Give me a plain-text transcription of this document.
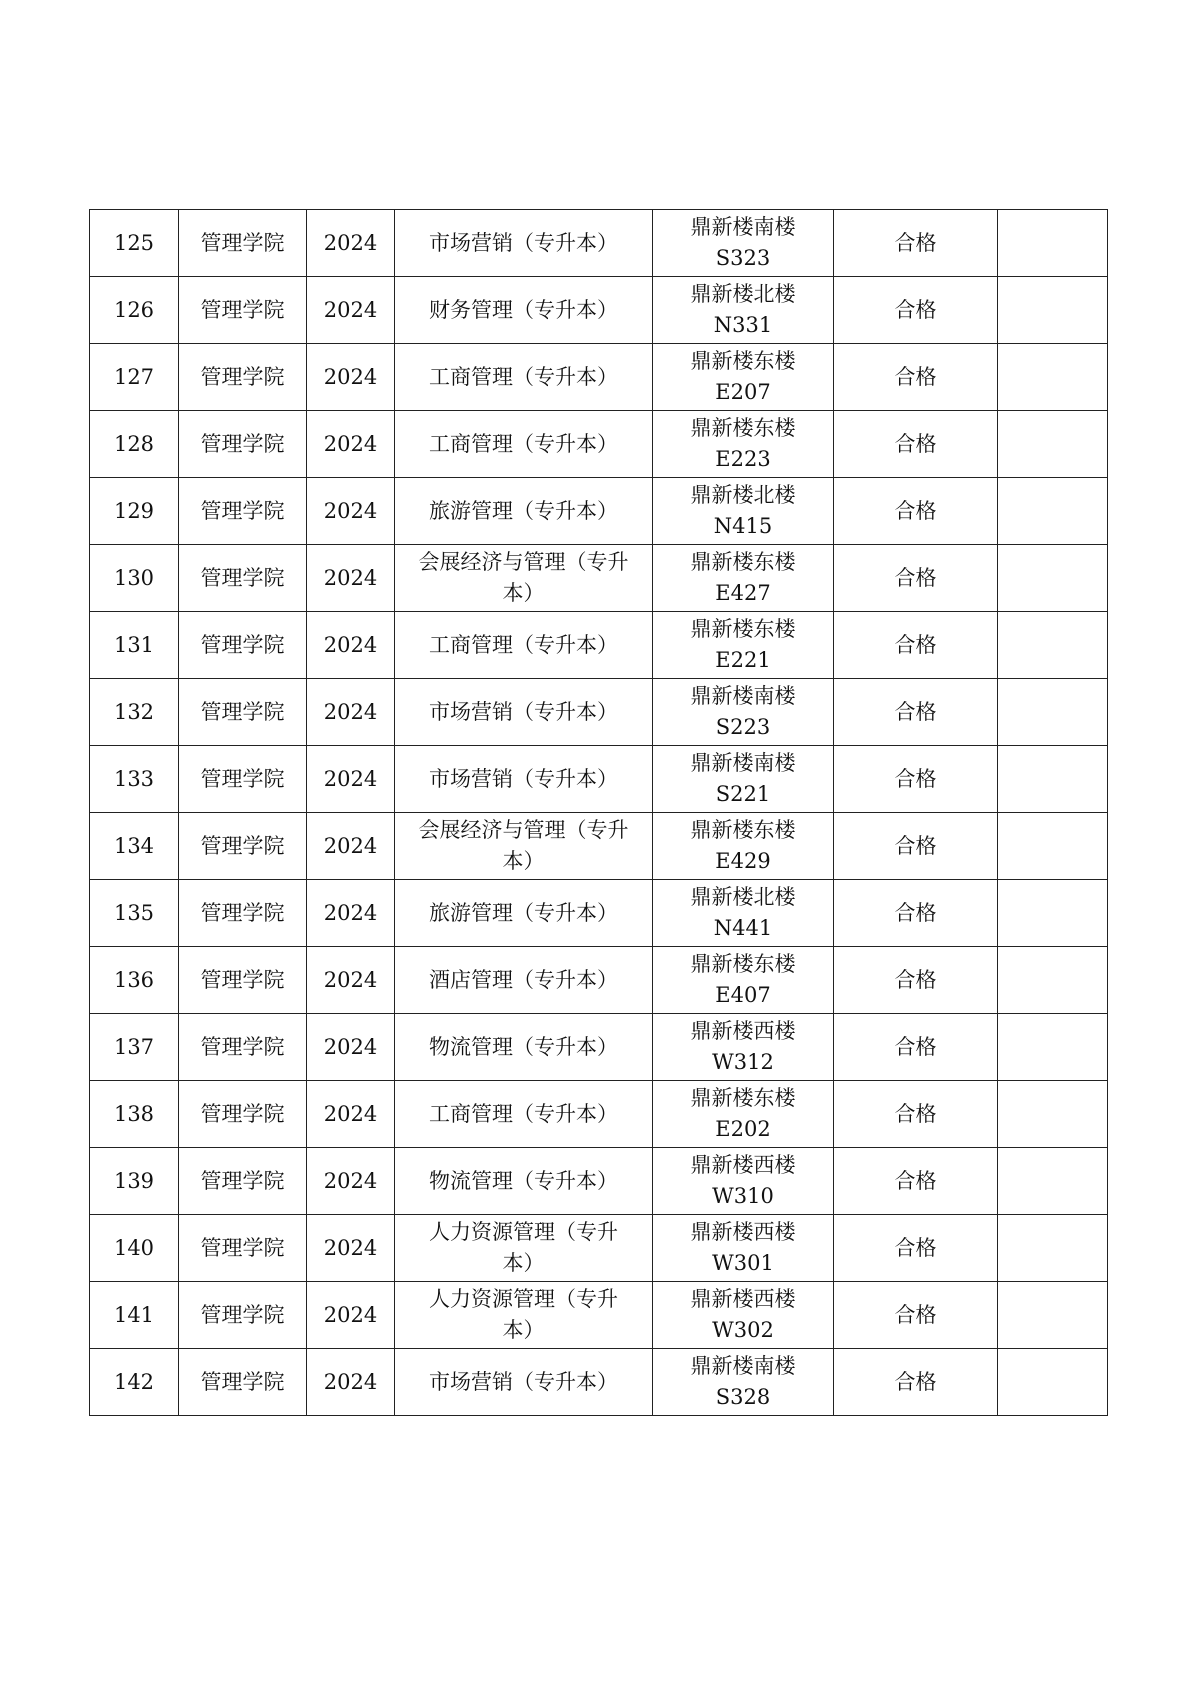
125	管理学院	2024	市场营销（专升本）	鼎新楼南楼
S323	合格	
126	管理学院	2024	财务管理（专升本）	鼎新楼北楼
N331	合格	
127	管理学院	2024	工商管理（专升本）	鼎新楼东楼
E207	合格	
128	管理学院	2024	工商管理（专升本）	鼎新楼东楼
E223	合格	
129	管理学院	2024	旅游管理（专升本）	鼎新楼北楼
N415	合格	
130	管理学院	2024	会展经济与管理（专升
本）	鼎新楼东楼
E427	合格	
131	管理学院	2024	工商管理（专升本）	鼎新楼东楼
E221	合格	
132	管理学院	2024	市场营销（专升本）	鼎新楼南楼
S223	合格	
133	管理学院	2024	市场营销（专升本）	鼎新楼南楼
S221	合格	
134	管理学院	2024	会展经济与管理（专升
本）	鼎新楼东楼
E429	合格	
135	管理学院	2024	旅游管理（专升本）	鼎新楼北楼
N441	合格	
136	管理学院	2024	酒店管理（专升本）	鼎新楼东楼
E407	合格	
137	管理学院	2024	物流管理（专升本）	鼎新楼西楼
W312	合格	
138	管理学院	2024	工商管理（专升本）	鼎新楼东楼
E202	合格	
139	管理学院	2024	物流管理（专升本）	鼎新楼西楼
W310	合格	
140	管理学院	2024	人力资源管理（专升
本）	鼎新楼西楼
W301	合格	
141	管理学院	2024	人力资源管理（专升
本）	鼎新楼西楼
W302	合格	
142	管理学院	2024	市场营销（专升本）	鼎新楼南楼
S328	合格	
